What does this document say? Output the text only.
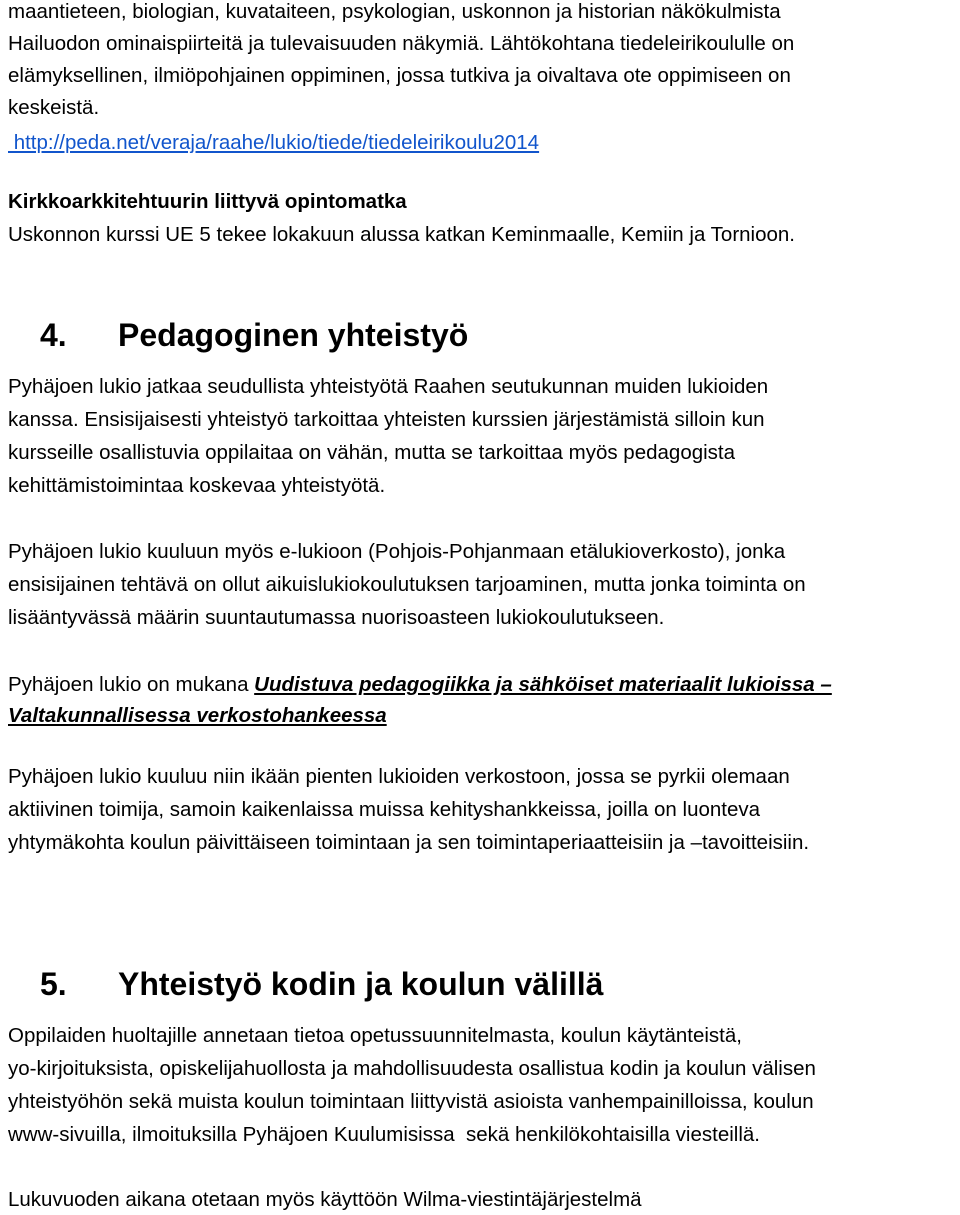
maantieteen, biologian, kuvataiteen, psykologian, uskonnon ja historian näkökulmista
Hailuodon ominaispiirteitä ja tulevaisuuden näkymiä. Lähtökohtana tiedeleirikoululle on
elämyksellinen, ilmiöpohjainen oppiminen, jossa tutkiva ja oivaltava ote oppimiseen on
keskeistä.
http://peda.net/veraja/raahe/lukio/tiede/tiedeleirikoulu2014
Kirkkoarkkitehtuurin liittyvä opintomatka
Uskonnon kurssi UE 5 tekee lokakuun alussa katkan Keminmaalle, Kemiin ja Tornioon.
4. Pedagoginen yhteistyö
Pyhäjoen lukio jatkaa seudullista yhteistyötä Raahen seutukunnan muiden lukioiden
kanssa. Ensisijaisesti yhteistyö tarkoittaa yhteisten kurssien järjestämistä silloin kun
kursseille osallistuvia oppilaitaa on vähän, mutta se tarkoittaa myös pedagogista
kehittämistoimintaa koskevaa yhteistyötä.
Pyhäjoen lukio kuuluun myös e-lukioon (Pohjois-Pohjanmaan etälukioverkosto), jonka
ensisijainen tehtävä on ollut aikuislukiokoulutuksen tarjoaminen, mutta jonka toiminta on
lisääntyvässä määrin suuntautumassa nuorisoasteen lukiokoulutukseen.
Pyhäjoen lukio on mukana Uudistuva pedagogiikka ja sähköiset materiaalit lukioissa –
Valtakunnallisessa verkostohankeessa
Pyhäjoen lukio kuuluu niin ikään pienten lukioiden verkostoon, jossa se pyrkii olemaan
aktiivinen toimija, samoin kaikenlaissa muissa kehityshankkeissa, joilla on luonteva
yhtymäkohta koulun päivittäiseen toimintaan ja sen toimintaperiaatteisiin ja –tavoitteisiin.
5. Yhteistyö kodin ja koulun välillä
Oppilaiden huoltajille annetaan tietoa opetussuunnitelmasta, koulun käytänteistä,
yo-kirjoituksista, opiskelijahuollosta ja mahdollisuudesta osallistua kodin ja koulun välisen
yhteistyöhön sekä muista koulun toimintaan liittyvistä asioista vanhempainilloissa, koulun
www-sivuilla, ilmoituksilla Pyhäjoen Kuulumisissa  sekä henkilökohtaisilla viesteillä.
Lukuvuoden aikana otetaan myös käyttöön Wilma-viestintäjärjestelmä
